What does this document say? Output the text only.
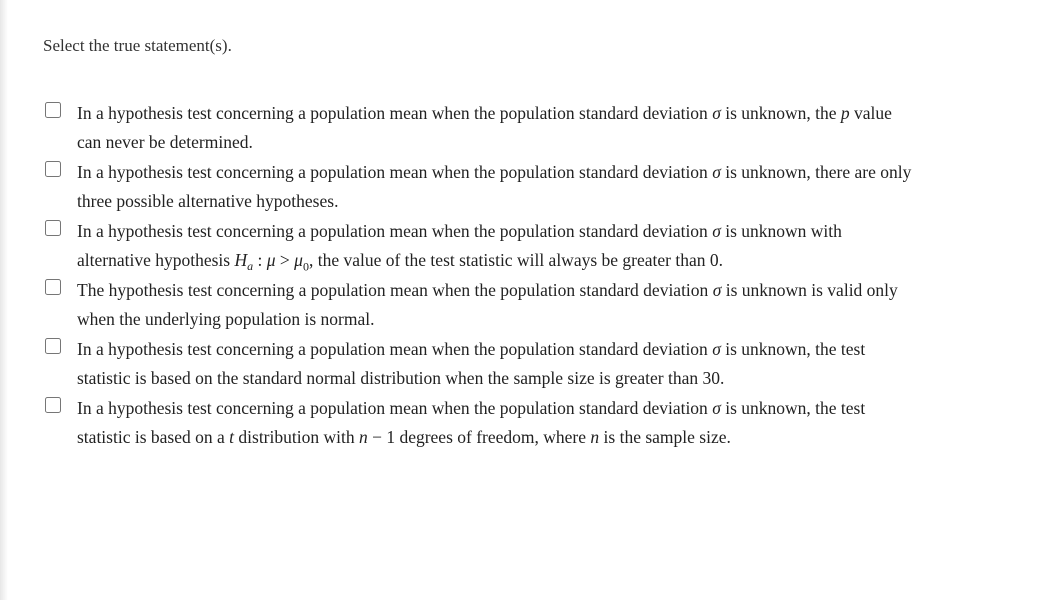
Select the true statement(s).
In a hypothesis test concerning a population mean when the population standard deviation σ is unknown, the p value
can never be determined.
In a hypothesis test concerning a population mean when the population standard deviation σ is unknown, there are only
three possible alternative hypotheses.
In a hypothesis test concerning a population mean when the population standard deviation σ is unknown with
alternative hypothesis $H_a$ : $\mu > \mu_0$, the value of the test statistic will always be greater than 0.
The hypothesis test concerning a population mean when the population standard deviation σ is unknown is valid only
when the underlying population is normal.
In a hypothesis test concerning a population mean when the population standard deviation σ is unknown, the test
statistic is based on the standard normal distribution when the sample size is greater than 30.
In a hypothesis test concerning a population mean when the population standard deviation σ is unknown, the test
statistic is based on a t distribution with n − 1 degrees of freedom, where n is the sample size.
